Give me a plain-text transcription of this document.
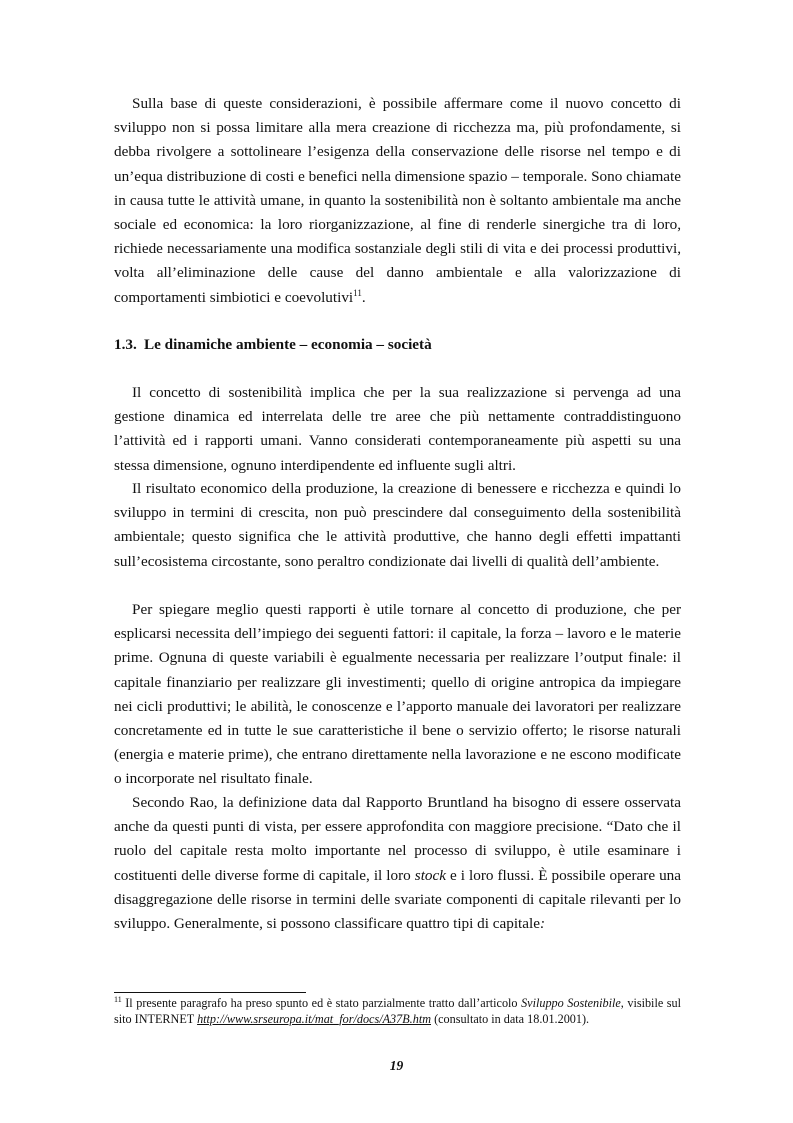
Sulla base di queste considerazioni, è possibile affermare come il nuovo concetto di sviluppo non si possa limitare alla mera creazione di ricchezza ma, più profondamente, si debba rivolgere a sottolineare l’esigenza della conservazione delle risorse nel tempo e di un’equa distribuzione di costi e benefici nella dimensione spazio – temporale. Sono chiamate in causa tutte le attività umane, in quanto la sostenibilità non è soltanto ambientale ma anche sociale ed economica: la loro riorganizzazione, al fine di renderle sinergiche tra di loro, richiede necessariamente una modifica sostanziale degli stili di vita e dei processi produttivi, volta all’eliminazione delle cause del danno ambientale e alla valorizzazione di comportamenti simbiotici e coevolutivi$^{11}$.

1.3. Le dinamiche ambiente – economia – società

Il concetto di sostenibilità implica che per la sua realizzazione si pervenga ad una gestione dinamica ed interrelata delle tre aree che più nettamente contraddistinguono l’attività ed i rapporti umani. Vanno considerati contemporaneamente più aspetti su una stessa dimensione, ognuno interdipendente ed influente sugli altri.

Il risultato economico della produzione, la creazione di benessere e ricchezza e quindi lo sviluppo in termini di crescita, non può prescindere dal conseguimento della sostenibilità ambientale; questo significa che le attività produttive, che hanno degli effetti impattanti sull’ecosistema circostante, sono peraltro condizionate dai livelli di qualità dell’ambiente.

Per spiegare meglio questi rapporti è utile tornare al concetto di produzione, che per esplicarsi necessita dell’impiego dei seguenti fattori: il capitale, la forza – lavoro e le materie prime. Ognuna di queste variabili è egualmente necessaria per realizzare l’output finale: il capitale finanziario per realizzare gli investimenti; quello di origine antropica da impiegare nei cicli produttivi; le abilità, le conoscenze e l’apporto manuale dei lavoratori per realizzare concretamente ed in tutte le sue caratteristiche il bene o servizio offerto; le risorse naturali (energia e materie prime), che entrano direttamente nella lavorazione e ne escono modificate o incorporate nel risultato finale.

Secondo Rao, la definizione data dal Rapporto Bruntland ha bisogno di essere osservata anche da questi punti di vista, per essere approfondita con maggiore precisione. “Dato che il ruolo del capitale resta molto importante nel processo di sviluppo, è utile esaminare i costituenti delle diverse forme di capitale, il loro stock e i loro flussi. È possibile operare una disaggregazione delle risorse in termini delle svariate componenti di capitale rilevanti per lo sviluppo. Generalmente, si possono classificare quattro tipi di capitale:

$^{11}$ Il presente paragrafo ha preso spunto ed è stato parzialmente tratto dall’articolo Sviluppo Sostenibile, visibile sul sito INTERNET http://www.srseuropa.it/mat_for/docs/A37B.htm (consultato in data 18.01.2001).

19
